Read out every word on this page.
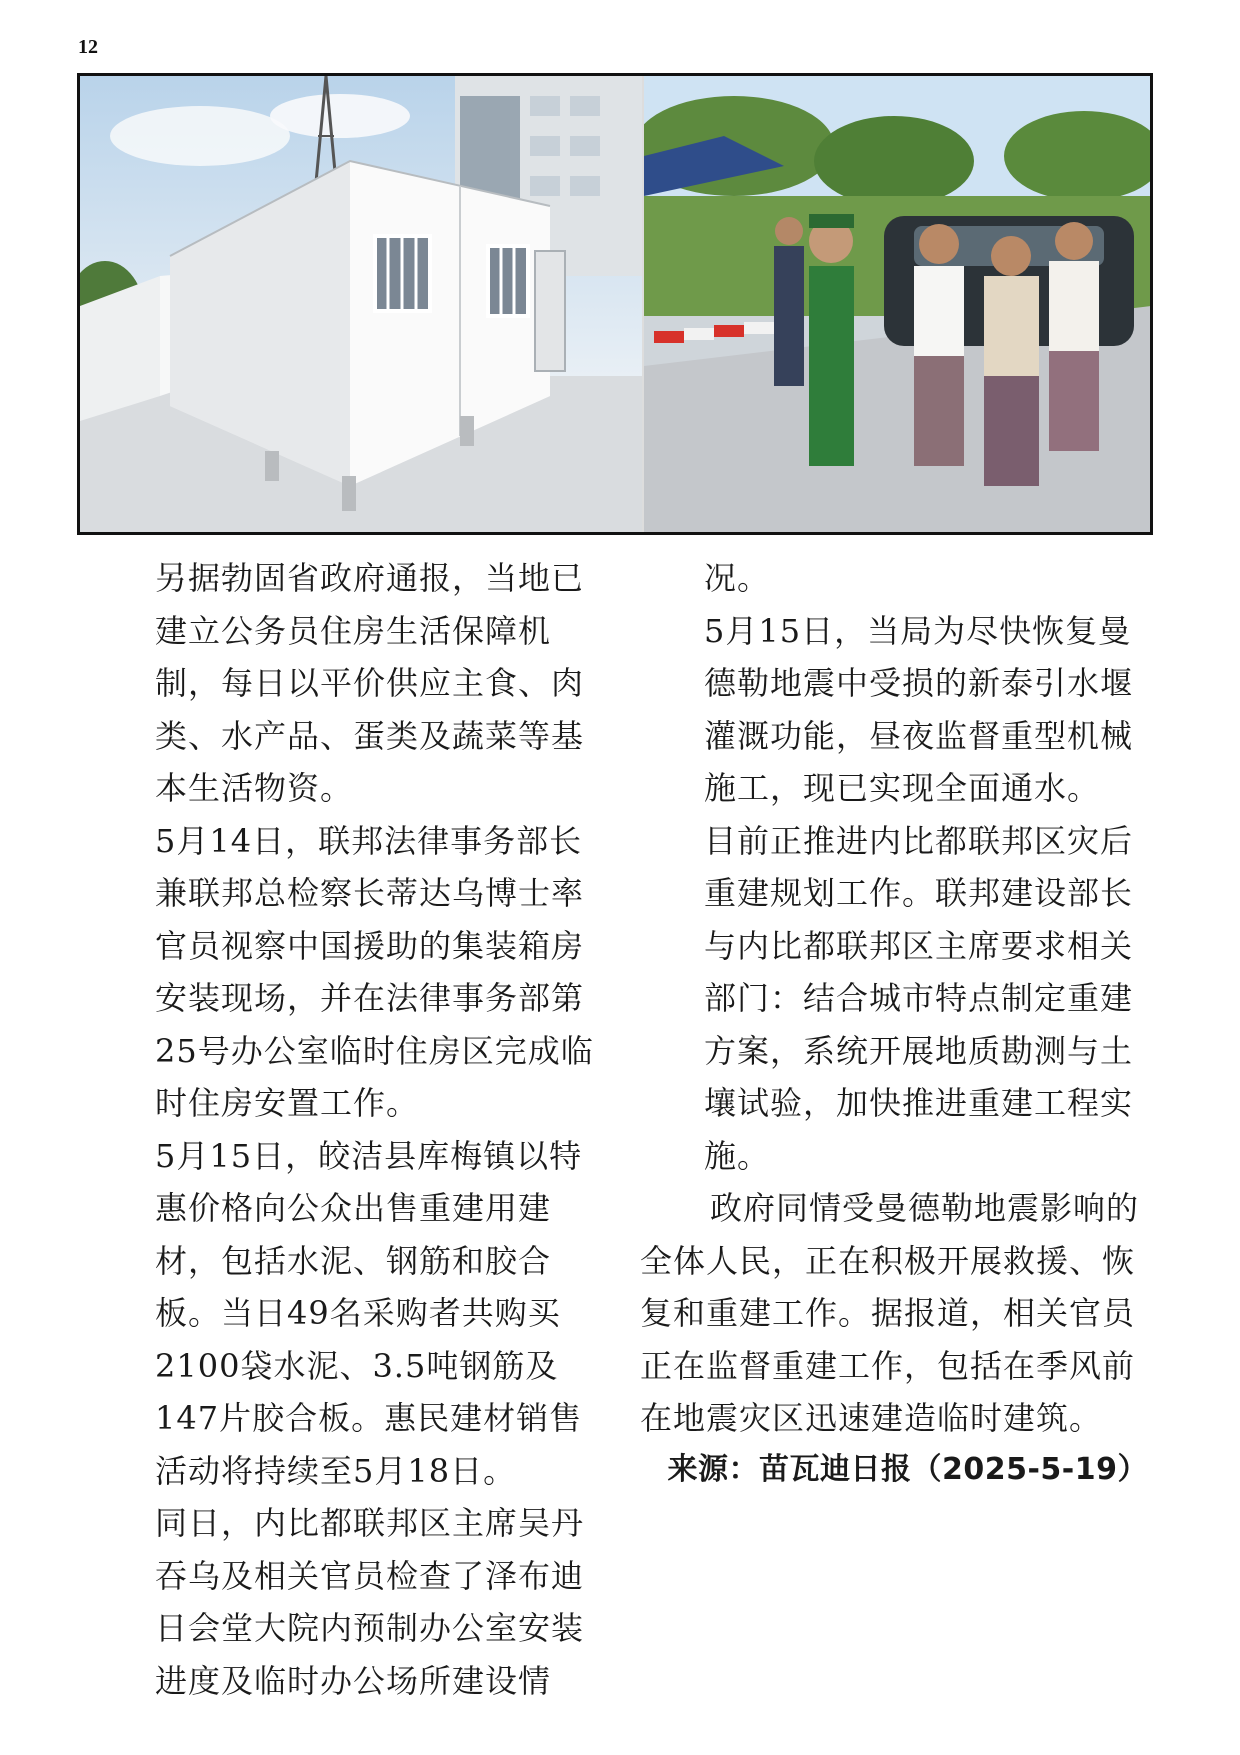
12

另据勃固省政府通报，当地已建立公务员住房生活保障机制，每日以平价供应主食、肉类、水产品、蛋类及蔬菜等基本生活物资。

5月14日，联邦法律事务部长兼联邦总检察长蒂达乌博士率官员视察中国援助的集装箱房安装现场，并在法律事务部第25号办公室临时住房区完成临时住房安置工作。

5月15日，皎洁县库梅镇以特惠价格向公众出售重建用建材，包括水泥、钢筋和胶合板。当日49名采购者共购买2100袋水泥、3.5吨钢筋及147片胶合板。惠民建材销售活动将持续至5月18日。

同日，内比都联邦区主席吴丹吞乌及相关官员检查了泽布迪日会堂大院内预制办公室安装进度及临时办公场所建设情

况。

5月15日，当局为尽快恢复曼德勒地震中受损的新泰引水堰灌溉功能，昼夜监督重型机械施工，现已实现全面通水。

目前正推进内比都联邦区灾后重建规划工作。联邦建设部长与内比都联邦区主席要求相关部门：结合城市特点制定重建方案，系统开展地质勘测与土壤试验，加快推进重建工程实施。

政府同情受曼德勒地震影响的全体人民，正在积极开展救援、恢复和重建工作。据报道，相关官员正在监督重建工作，包括在季风前在地震灾区迅速建造临时建筑。

来源：苗瓦迪日报（2025-5-19）
